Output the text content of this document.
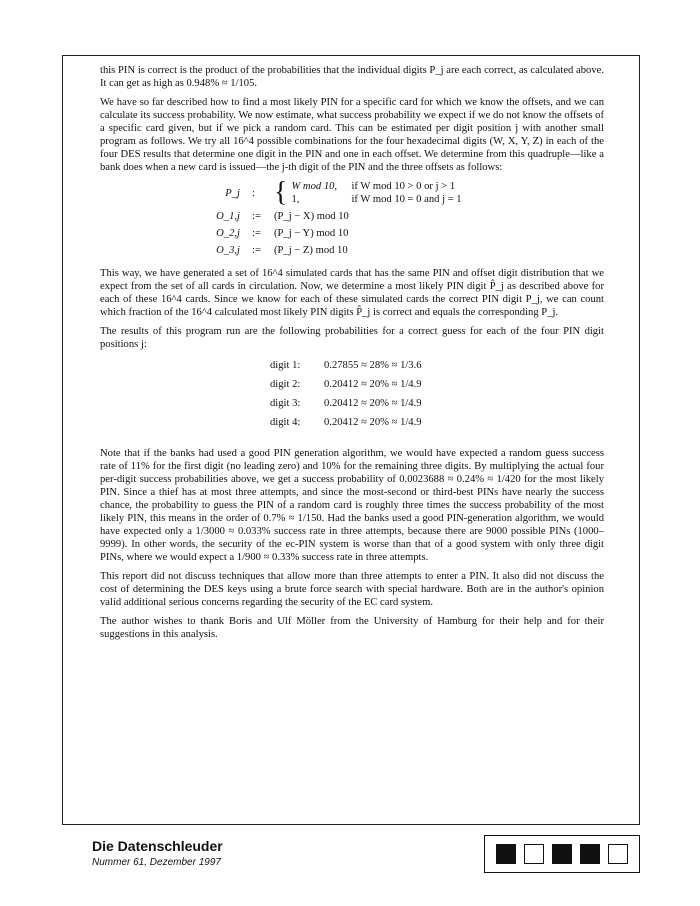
this PIN is correct is the product of the probabilities that the individual digits P_j are each correct, as calculated above. It can get as high as 0.948% ≈ 1/105.

We have so far described how to find a most likely PIN for a specific card for which we know the offsets, and we can calculate its success probability. We now estimate, what success probability we expect if we do not know the offsets of a specific card given, but if we pick a random card. This can be estimated per digit position j with another small program as follows. We try all 16^4 possible combinations for the four hexadecimal digits (W, X, Y, Z) in each of the four DES results that determine one digit in the PIN and one in each offset. We determine from this quadruple—like a bank does when a new card is issued—the j-th digit of the PIN and the three offsets as follows:

P_j	: { W mod 10,	if W mod 10 > 0 or j > 1
1,	if W mod 10 = 0 and j = 1
O_1,j	:=	(P_j − X) mod 10
O_2,j	:=	(P_j − Y) mod 10
O_3,j	:=	(P_j − Z) mod 10

This way, we have generated a set of 16^4 simulated cards that has the same PIN and offset digit distribution that we expect from the set of all cards in circulation. Now, we determine a most likely PIN digit P̂_j as described above for each of these 16^4 cards. Since we know for each of these simulated cards the correct PIN digit P_j, we can count which fraction of the 16^4 calculated most likely PIN digits P̂_j is correct and equals the corresponding P_j.

The results of this program run are the following probabilities for a correct guess for each of the four PIN digit positions j:

digit 1:	0.27855 ≈ 28% ≈ 1/3.6
digit 2:	0.20412 ≈ 20% ≈ 1/4.9
digit 3:	0.20412 ≈ 20% ≈ 1/4.9
digit 4:	0.20412 ≈ 20% ≈ 1/4.9

Note that if the banks had used a good PIN generation algorithm, we would have expected a random guess success rate of 11% for the first digit (no leading zero) and 10% for the remaining three digits. By multiplying the actual four per-digit success probabilities above, we get a success probability of 0.0023688 ≈ 0.24% ≈ 1/420 for the most likely PIN. Since a thief has at most three attempts, and since the most-second or third-best PINs have nearly the success chance, the probability to guess the PIN of a random card is roughly three times the success probability of the most likely PIN, this means in the order of 0.7% ≈ 1/150. Had the banks used a good PIN-generation algorithm, we would have expected only a 1/3000 ≈ 0.033% success rate in three attempts, because there are 9000 possible PINs (1000–9999). In other words, the security of the ec-PIN system is worse than that of a good system with only three digit PINs, where we would expect a 1/900 ≈ 0.33% success rate in three attempts.

This report did not discuss techniques that allow more than three attempts to enter a PIN. It also did not discuss the cost of determining the DES keys using a brute force search with special hardware. Both are in the author's opinion valid additional serious concerns regarding the security of the EC card system.

The author wishes to thank Boris and Ulf Möller from the University of Hamburg for their help and for their suggestions in this analysis.

Die Datenschleuder
Nummer 61, Dezember 1997
